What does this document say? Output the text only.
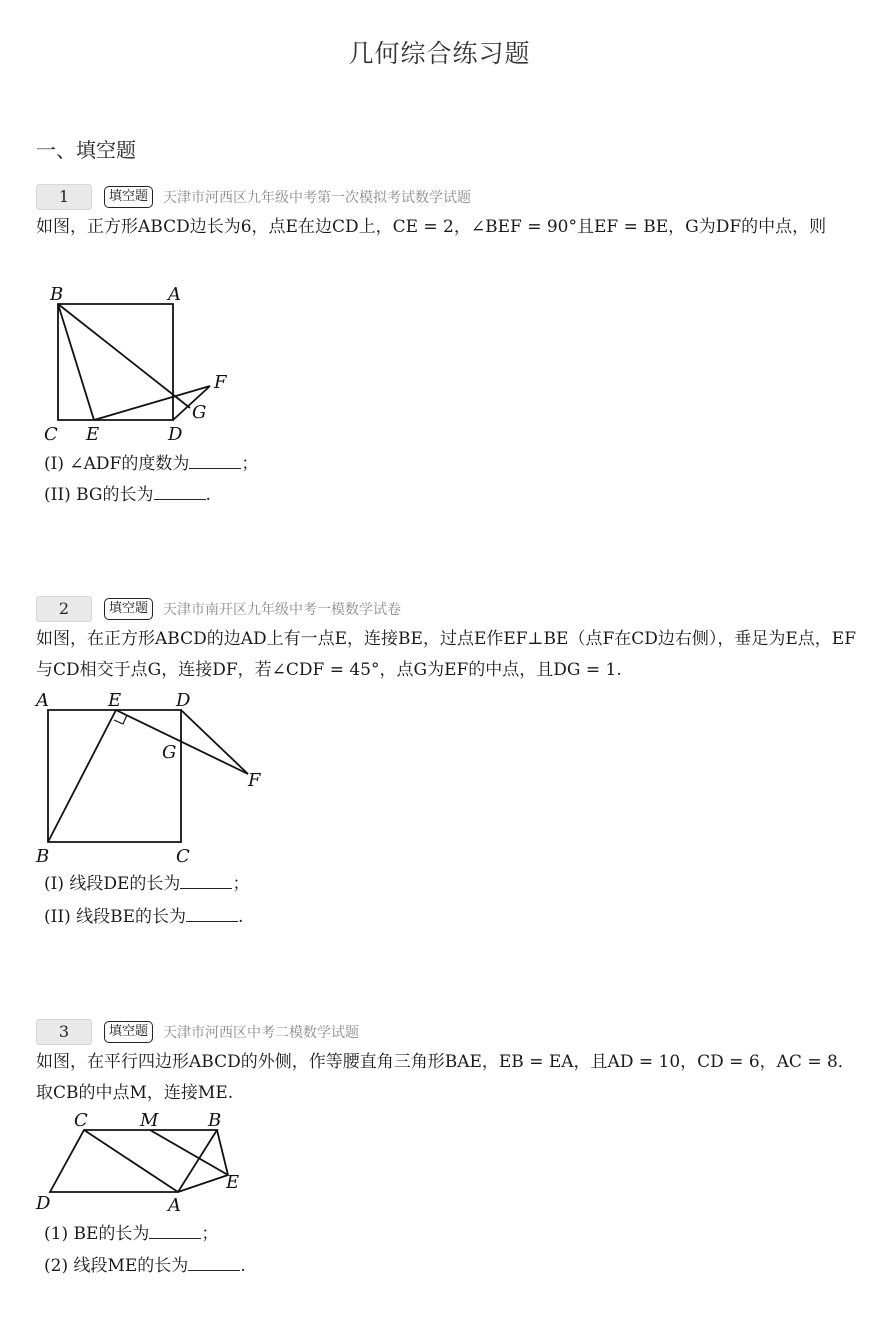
几何综合练习题
一、填空题
1	填空题	天津市河西区九年级中考第一次模拟考试数学试题
如图，正方形ABCD边长为6，点E在边CD上，CE = 2，∠BEF = 90°且EF = BE，G为DF的中点，则
B	A
F
G
C E	D
(I) ∠ADF的度数为	；
(II) BG的长为	.
2	填空题	天津市南开区九年级中考一模数学试卷
如图，在正方形ABCD的边AD上有一点E，连接BE，过点E作EF⊥BE（点F在CD边右侧），垂足为E点，EF与CD相交于点G，连接DF，若∠CDF = 45°，点G为EF的中点，且DG = 1.
A	E	D
G
F
B	C
(I) 线段DE的长为	；
(II) 线段BE的长为	.
3	填空题	天津市河西区中考二模数学试题
如图，在平行四边形ABCD的外侧，作等腰直角三角形BAE，EB = EA，且AD = 10，CD = 6，AC = 8．取CB的中点M，连接ME.
C	M	B
E
D	A
(1) BE的长为	；
(2) 线段ME的长为	.
